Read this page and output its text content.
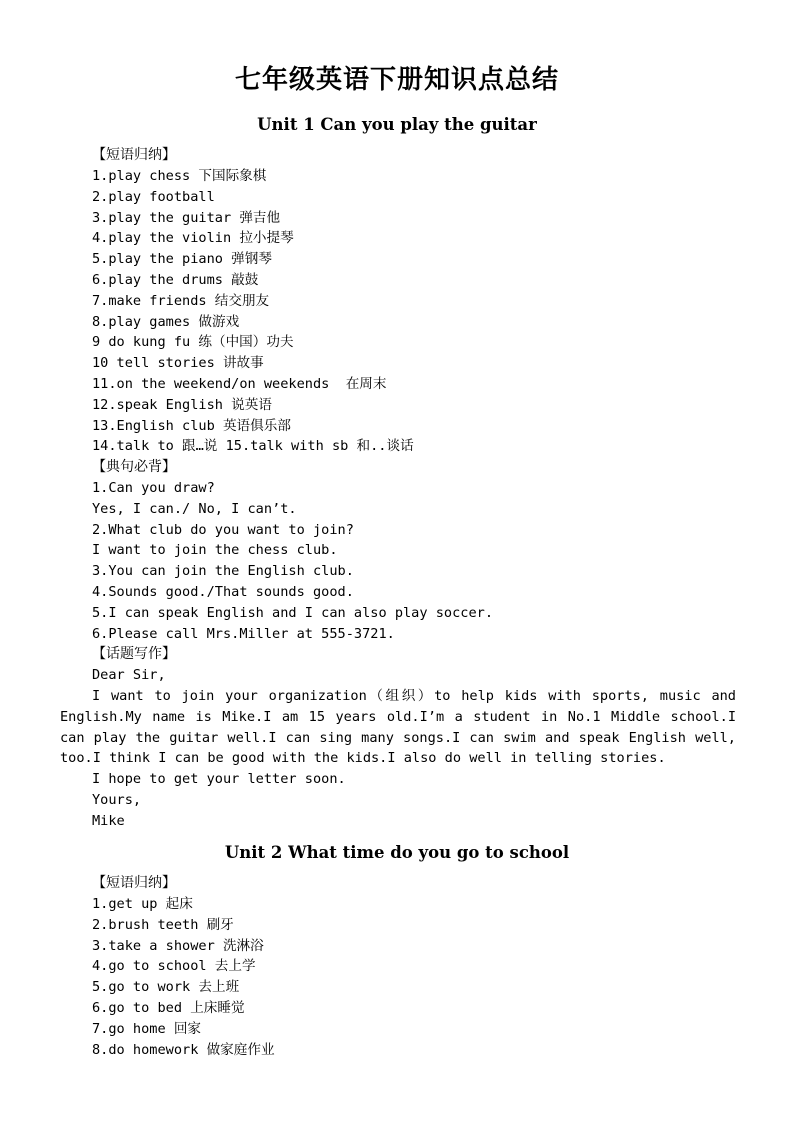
七年级英语下册知识点总结
Unit 1 Can you play the guitar
【短语归纳】
1.play chess 下国际象棋
2.play football
3.play the guitar 弹吉他
4.play the violin 拉小提琴
5.play the piano 弹钢琴
6.play the drums 敲鼓
7.make friends 结交朋友
8.play games 做游戏
9 do kung fu 练（中国）功夫
10 tell stories 讲故事
11.on the weekend/on weekends  在周末
12.speak English 说英语
13.English club 英语俱乐部
14.talk to 跟…说 15.talk with sb 和..谈话
【典句必背】
1.Can you draw?
Yes, I can./ No, I can’t.
2.What club do you want to join?
I want to join the chess club.
3.You can join the English club.
4.Sounds good./That sounds good.
5.I can speak English and I can also play soccer.
6.Please call Mrs.Miller at 555-3721.
【话题写作】
Dear Sir,

I want to join your organization（组织）to help kids with sports, music and English.My name is Mike.I am 15 years old.I’m a student in No.1 Middle school.I can play the guitar well.I can sing many songs.I can swim and speak English well, too.I think I can be good with the kids.I also do well in telling stories.

I hope to get your letter soon.
Yours,
Mike
Unit 2 What time do you go to school
【短语归纳】
1.get up 起床
2.brush teeth 刷牙
3.take a shower 洗淋浴
4.go to school 去上学
5.go to work 去上班
6.go to bed 上床睡觉
7.go home 回家
8.do homework 做家庭作业
